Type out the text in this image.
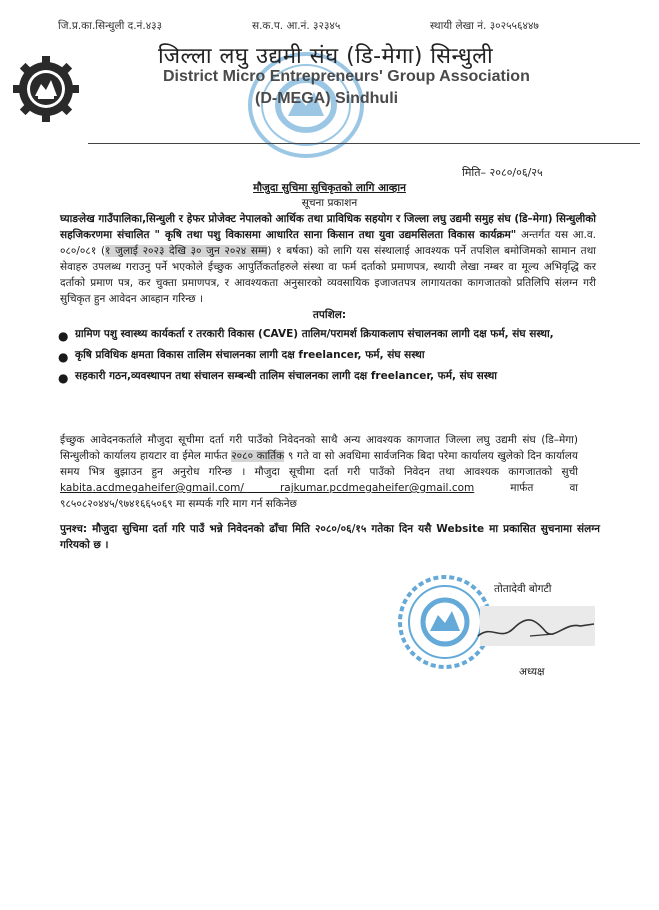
जि.प्र.का.सिन्धुली द.नं.४३३	स.क.प. आ.नं. ३२३४५	स्थायी लेखा नं. ३०२५५६४४७
जिल्ला लघु उद्यमी संघ (डि-मेगा) सिन्धुली
District Micro Entrepreneurs' Group Association
(D-MEGA) Sindhuli
मिति– २०८०/०६/२५
मौजुदा सुचिमा सुचिकृतको लागि आव्हान
सूचना प्रकाशन
घ्याङलेख गाउँपालिका,सिन्धुली र हेफर प्रोजेक्ट नेपालको आर्थिक तथा प्राविधिक सहयोग र जिल्ला लघु उद्यमी समुह संघ (डि–मेगा) सिन्धुलीको सहजिकरणमा संचालित " कृषि तथा पशु विकासमा आधारित साना किसान तथा युवा उद्यमसिलता विकास कार्यक्रम" अन्तर्गत यस आ.व. ०८०/०८१ (१ जुलाई २०२३ देखि ३० जुन २०२४ सम्म) १ बर्षका) को लागि यस संस्थालाई आवश्यक पर्ने तपशिल बमोजिमको सामान तथा सेवाहरु उपलब्ध गराउनु पर्ने भएकोले ईच्छुक आपुर्तिकर्ताहरुले संस्था वा फर्म दर्ताको प्रमाणपत्र, स्थायी लेखा नम्बर वा मूल्य अभिवृद्धि कर दर्ताको प्रमाण पत्र, कर चुक्ता प्रमाणपत्र, र आवश्यकता अनुसारको व्यवसायिक इजाजतपत्र लागायतका कागजातको प्रतिलिपि संलग्न गरी सुचिकृत हुन आवेदन आब्हान गरिन्छ ।
तपशिल:
● ग्रामिण पशु स्वास्थ्य कार्यकर्ता र तरकारी विकास (CAVE) तालिम/परामर्श क्रियाकलाप संचालनका लागी दक्ष फर्म, संघ सस्था,
● कृषि प्रविधिक क्षमता विकास तालिम संचालनका लागी दक्ष freelancer, फर्म, संघ सस्था
● सहकारी गठन,व्यवस्थापन तथा संचालन सम्बन्धी तालिम संचालनका लागी दक्ष freelancer, फर्म, संघ सस्था
ईच्छुक आवेदनकर्ताले मौजुदा सूचीमा दर्ता गरी पाउँको निवेदनको साथै अन्य आवश्यक कागजात जिल्ला लघु उद्यमी संघ (डि–मेगा) सिन्धुलीको कार्यालय हायटार वा ईमेल मार्फत २०८० कार्तिक ९ गते वा सो अवधिमा सार्वजनिक बिदा परेमा कार्यालय खुलेको दिन कार्यालय समय भित्र बुझाउन हुन अनुरोध गरिन्छ । मौजुदा सूचीमा दर्ता गरी पाउँको निवेदन तथा आवश्यक कागजातको सुची kabita.acdmegaheifer@gmail.com/ rajkumar.pcdmegaheifer@gmail.com मार्फत वा ९८५०८२०४४५/९७४१६६५०६९ मा सम्पर्क गरि माग गर्न सकिनेछ
पुनश्च: मौजुदा सुचिमा दर्ता गरि पाउँ भन्ने निवेदनको ढाँचा मिति २०८०/०६/१५ गतेका दिन यसै Website मा प्रकासित सुचनामा संलग्न गरियको छ ।
तोतादेवी बोगटी
अध्यक्ष
